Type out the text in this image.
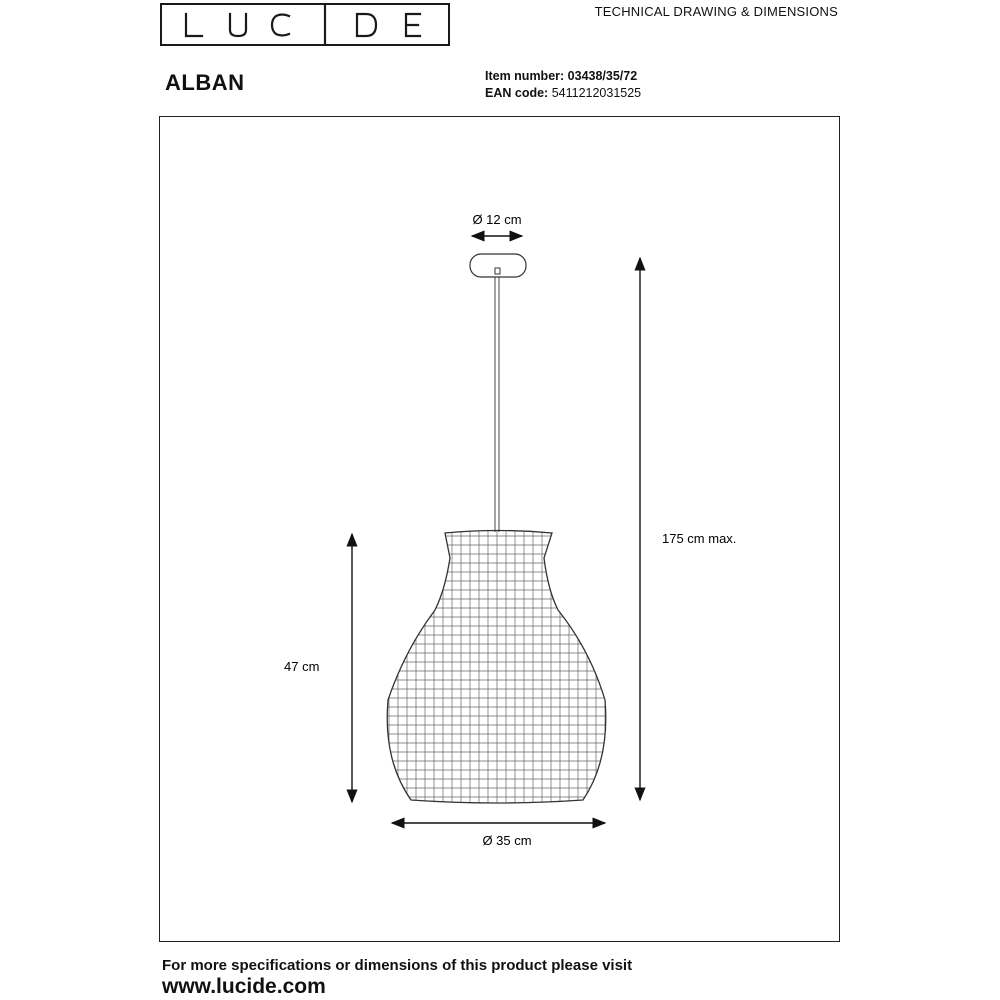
TECHNICAL DRAWING & DIMENSIONS
ALBAN	Item number: 03438/35/72
EAN code: 5411212031525
Ø 12 cm
175 cm max.
47 cm
Ø 35 cm
For more specifications or dimensions of this product please visit
www.lucide.com
